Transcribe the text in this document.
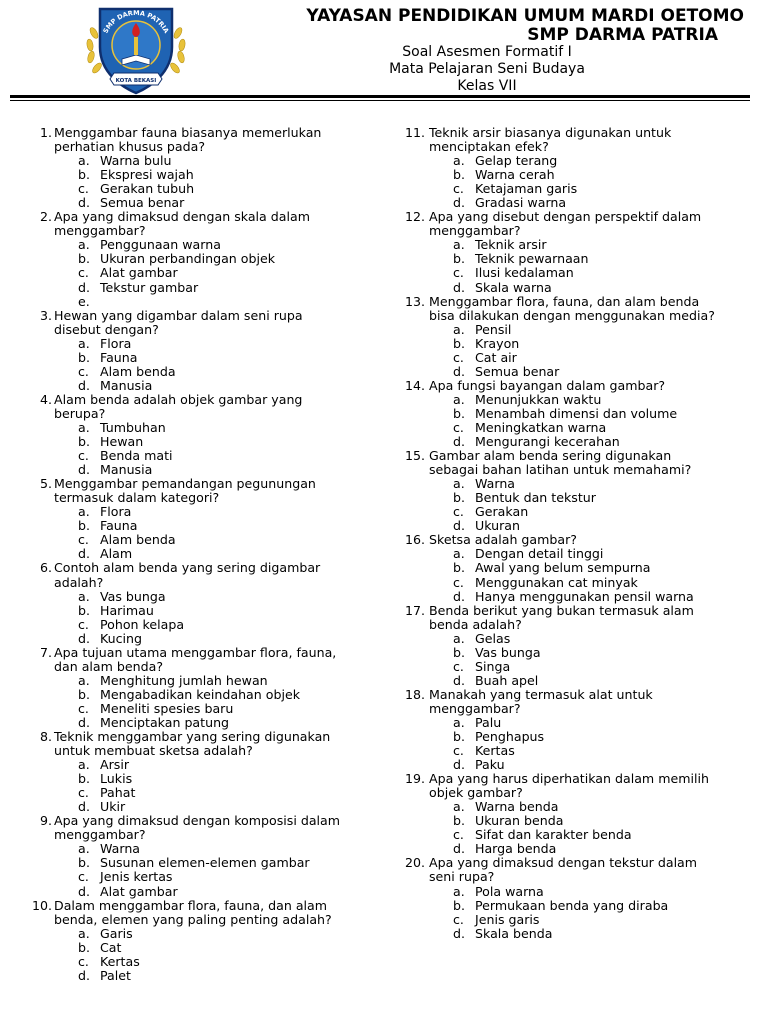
SMP DARMA PATRIA
KOTA BEKASI
YAYASAN PENDIDIKAN UMUM MARDI OETOMO
SMP DARMA PATRIA
Soal Asesmen Formatif I
Mata Pelajaran Seni Budaya
Kelas VII
1. Menggambar fauna biasanya memerlukan
perhatian khusus pada?
a. Warna bulu
b. Ekspresi wajah
c. Gerakan tubuh
d. Semua benar
2. Apa yang dimaksud dengan skala dalam
menggambar?
a. Penggunaan warna
b. Ukuran perbandingan objek
c. Alat gambar
d. Tekstur gambar
e.

3. Hewan yang digambar dalam seni rupa
disebut dengan?
a. Flora
b. Fauna
c. Alam benda
d. Manusia
4. Alam benda adalah objek gambar yang
berupa?
a. Tumbuhan
b. Hewan
c. Benda mati
d. Manusia
5. Menggambar pemandangan pegunungan
termasuk dalam kategori?
a. Flora
b. Fauna
c. Alam benda
d. Alam
6. Contoh alam benda yang sering digambar
adalah?
a. Vas bunga
b. Harimau
c. Pohon kelapa
d. Kucing
7. Apa tujuan utama menggambar flora, fauna,
dan alam benda?
a. Menghitung jumlah hewan
b. Mengabadikan keindahan objek
c. Meneliti spesies baru
d. Menciptakan patung
8. Teknik menggambar yang sering digunakan
untuk membuat sketsa adalah?
a. Arsir
b. Lukis
c. Pahat
d. Ukir
9. Apa yang dimaksud dengan komposisi dalam
menggambar?
a. Warna
b. Susunan elemen-elemen gambar
c. Jenis kertas
d. Alat gambar
10. Dalam menggambar flora, fauna, dan alam
benda, elemen yang paling penting adalah?
a. Garis
b. Cat
c. Kertas
d. Palet
11. Teknik arsir biasanya digunakan untuk
menciptakan efek?
a. Gelap terang
b. Warna cerah
c. Ketajaman garis
d. Gradasi warna
12. Apa yang disebut dengan perspektif dalam
menggambar?
a. Teknik arsir
b. Teknik pewarnaan
c. Ilusi kedalaman
d. Skala warna
13. Menggambar flora, fauna, dan alam benda
bisa dilakukan dengan menggunakan media?
a. Pensil
b. Krayon
c. Cat air
d. Semua benar
14. Apa fungsi bayangan dalam gambar?
a. Menunjukkan waktu
b. Menambah dimensi dan volume
c. Meningkatkan warna
d. Mengurangi kecerahan
15. Gambar alam benda sering digunakan
sebagai bahan latihan untuk memahami?
a. Warna
b. Bentuk dan tekstur
c. Gerakan
d. Ukuran
16. Sketsa adalah gambar?
a. Dengan detail tinggi
b. Awal yang belum sempurna
c. Menggunakan cat minyak
d. Hanya menggunakan pensil warna
17. Benda berikut yang bukan termasuk alam
benda adalah?
a. Gelas
b. Vas bunga
c. Singa
d. Buah apel
18. Manakah yang termasuk alat untuk
menggambar?
a. Palu
b. Penghapus
c. Kertas
d. Paku
19. Apa yang harus diperhatikan dalam memilih
objek gambar?
a. Warna benda
b. Ukuran benda
c. Sifat dan karakter benda
d. Harga benda
20. Apa yang dimaksud dengan tekstur dalam
seni rupa?
a. Pola warna
b. Permukaan benda yang diraba
c. Jenis garis
d. Skala benda
